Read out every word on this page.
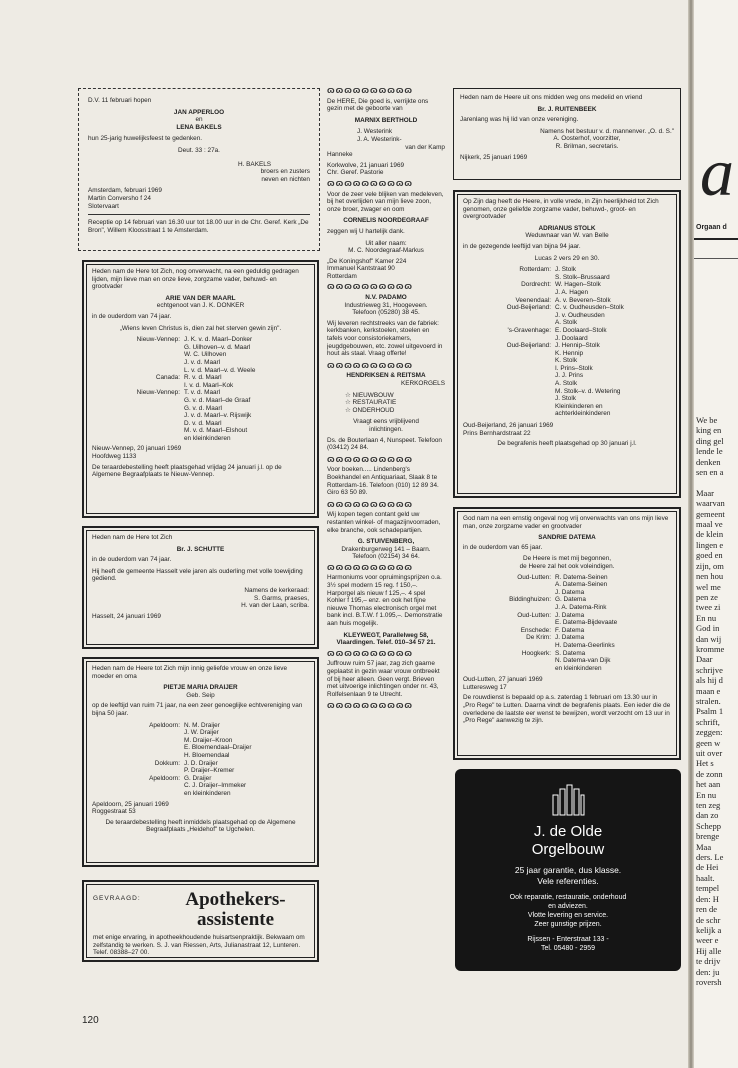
D.V. 11 februari hopen

JAN APPERLOO
en
LENA BAKELS

hun 25-jarig huwelijksfeest te gedenken.

Deut. 33 : 27a.

H. BAKELS
broers en zusters
neven en nichten
Amsterdam, februari 1969
Martin Conversho f 24
Slotervaart
Receptie op 14 februari van 16.30 uur tot 18.00 uur in de Chr. Geref. Kerk „De Bron", Willem Kloosstraat 1 te Amsterdam.

Heden nam de Here tot Zich, nog onverwacht, na een geduldig gedragen lijden, mijn lieve man en onze lieve, zorgzame vader, behuwd- en grootvader

ARIE VAN DER MAARL
echtgenoot van J. K. DONKER

in de ouderdom van 74 jaar.

„Wiens leven Christus is, dien zal het sterven gewin zijn".

Nieuw-Vennep: J. K. v. d. Maarl–Donker
G. Uilhoven–v. d. Maarl
W. C. Uilhoven
J. v. d. Maarl
L. v. d. Maarl–v. d. Weele
Canada: R. v. d. Maarl
I. v. d. Maarl–Kok
Nieuw-Vennep: T. v. d. Maarl
G. v. d. Maarl–de Graaf
G. v. d. Maarl
J. v. d. Maarl–v. Rijswijk
D. v. d. Maarl
M. v. d. Maarl–Elshout
en kleinkinderen
Nieuw-Vennep, 20 januari 1969
Hoofdweg 1133
De teraardebestelling heeft plaatsgehad vrijdag 24 januari j.l. op de Algemene Begraafplaats te Nieuw-Vennep.

Heden nam de Here tot Zich

Br. J. SCHUTTE

in de ouderdom van 74 jaar.

Hij heeft de gemeente Hasselt vele jaren als ouderling met volle toewijding gediend.

Namens de kerkeraad:
S. Garms, praeses,
H. van der Laan, scriba.
Hasselt, 24 januari 1969

Heden nam de Heere tot Zich mijn innig geliefde vrouw en onze lieve moeder en oma

PIETJE MARIA DRAIJER
Geb. Seip

op de leeftijd van ruim 71 jaar, na een zeer genoeglijke echtvereniging van bijna 50 jaar.

Apeldoorn: N. M. Draijer
J. W. Draijer
M. Draijer–Kroon
E. Bloemendaal–Draijer
H. Bloemendaal
Dokkum: J. D. Draijer
P. Draijer–Kremer
Apeldoorn: G. Draijer
C. J. Draijer–Immeker
en kleinkinderen
Apeldoorn, 25 januari 1969
Roggestraat 53
De teraardebestelling heeft inmiddels plaatsgehad op de Algemene Begraafplaats „Heidehof" te Ugchelen.
GEVRAAGD:	Apothekers-
assistente
met enige ervaring, in apotheekhoudende huisartsenpraktijk. Bekwaam om zelfstandig te werken. S. J. van Riessen, Arts, Julianastraat 12, Lunteren. Telef. 08388–27 00.
ɷɷɷɷɷɷɷɷɷɷ

De HERE, Die goed is, verrijkte ons gezin met de geboorte van

MARNIX BERTHOLD
J. Westerink
J. A. Westerink-
van der Kamp
Hanneke
Korkwolve, 21 januari 1969
Chr. Geref. Pastorie
ɷɷɷɷɷɷɷɷɷɷ

Voor de zeer vele blijken van medeleven, bij het overlijden van mijn lieve zoon, onze broer, zwager en oom

CORNELIS NOORDEGRAAF

zeggen wij U hartelijk dank.

Uit aller naam:
M. C. Noordegraaf-Markus
„De Koningshof" Kamer 224
Immanuel Kantstraat 90
Rotterdam
ɷɷɷɷɷɷɷɷɷɷ
N.V. PADAMO
Industrieweg 31, Hoogeveen.
Telefoon (05280) 38 45.

Wij leveren rechtstreeks van de fabriek: kerkbanken, kerkstoelen, stoelen en tafels voor consistoriekamers, jeugdgebouwen, etc. zowel uitgevoerd in hout als staal. Vraag offerte!

ɷɷɷɷɷɷɷɷɷɷ
HENDRIKSEN & REITSMA
KERKORGELS
☆ NIEUWBOUW
☆ RESTAURATIE
☆ ONDERHOUD
Vraagt eens vrijblijvend
inlichtingen.

Ds. de Bouterlaan 4, Nunspeet. Telefoon (03412) 24 84.

ɷɷɷɷɷɷɷɷɷɷ

Voor boeken..... Lindenberg's Boekhandel en Antiquariaat, Slaak 8 te Rotterdam-16. Telefoon (010) 12 89 34. Giro 63 50 89.

ɷɷɷɷɷɷɷɷɷɷ

Wij kopen tegen contant geld uw restanten winkel- of magazijnvoorraden, elke branche, ook schadepartijen.

G. STUIVENBERG,
Drakenburgerweg 141 – Baarn.
Telefoon (02154) 34 64.
ɷɷɷɷɷɷɷɷɷɷ

Harmoniums voor opruimingsprijzen o.a. 3½ spel modern 15 reg. f 150,–. Harporgel als nieuw f 125,–. 4 spel Kohler f 195,– enz. en ook het fijne nieuwe Thomas electronisch orgel met bank incl. B.T.W. f 1.095,–. Demonstratie aan huis mogelijk.

KLEYWEGT, Parallelweg 58,
Vlaardingen. Telef. 010–34 57 21.
ɷɷɷɷɷɷɷɷɷɷ

Juffrouw ruim 57 jaar, zag zich gaarne geplaatst in gezin waar vrouw ontbreekt of bij heer alleen. Geen vergt. Brieven met uitvoerige inlichtingen onder nr. 43, Rolfelsenlaan 9 te Utrecht.

ɷɷɷɷɷɷɷɷɷɷ

Heden nam de Heere uit ons midden weg ons medelid en vriend

Br. J. RUITENBEEK

Jarenlang was hij lid van onze vereniging.

Namens het bestuur v. d. mannenver. „O. d. S."
A. Oosterhof, voorzitter,
R. Brilman, secretaris.
Nijkerk, 25 januari 1969

Op Zijn dag heeft de Heere, in volle vrede, in Zijn heerlijkheid tot Zich genomen, onze geliefde zorgzame vader, behuwd-, groot- en overgrootvader

ADRIANUS STOLK
Weduwnaar van W. van Belle

in de gezegende leeftijd van bijna 94 jaar.

Lucas 2 vers 29 en 30.

Rotterdam: J. Stolk
S. Stolk–Brussaard
Dordrecht: W. Hagen–Stolk
J. A. Hagen
Veenendaal: A. v. Beveren–Stolk
Oud-Beijerland: C. v. Oudheusden–Stolk
J. v. Oudheusden
A. Stolk
's-Gravenhage: E. Doolaard–Stolk
J. Doolaard
Oud-Beijerland: J. Hennip–Stolk
K. Hennip
K. Stolk
I. Prins–Stolk
J. J. Prins
A. Stolk
M. Stolk–v. d. Wetering
J. Stolk
Kleinkinderen en
achterkleinkinderen
Oud-Beijerland, 26 januari 1969
Prins Bernhardstraat 22
De begrafenis heeft plaatsgehad op 30 januari j.l.

God nam na een ernstig ongeval nog vrij onverwachts van ons mijn lieve man, onze zorgzame vader en grootvader

SANDRIE DATEMA

in de ouderdom van 65 jaar.

De Heere is met mij begonnen,
de Heere zal het ook voleindigen.
Oud-Lutten: R. Datema-Seinen
A. Datema-Seinen
J. Datema
Biddinghuizen: G. Datema
J. A. Datema-Rink
Oud-Lutten: J. Datema
E. Datema-Bijdevaate
Enschede: F. Datema
De Krim: J. Datema
H. Datema-Geerlinks
Hoogkerk: S. Datema
N. Datema-van Dijk
en kleinkinderen
Oud-Lutten, 27 januari 1969
Lutteresweg 17
De rouwdienst is bepaald op a.s. zaterdag 1 februari om 13.30 uur in „Pro Rege" te Lutten. Daarna vindt de begrafenis plaats. Een ieder die de overledene de laatste eer wenst te bewijzen, wordt verzocht om 13 uur in „Pro Rege" aanwezig te zijn.
J. de Olde
Orgelbouw
25 jaar garantie, dus klasse.
Vele referenties.
Ook reparatie, restauratie, onderhoud
en adviezen.
Vlotte levering en service.
Zeer gunstige prijzen.
Rijssen - Enterstraat 133 -
Tel. 05480 - 2959
120
a
Orgaan d
We be
king en
ding gel
lende le
denken
sen en a

Maar
waarvan
gemeent
maal ve
de klein
lingen e
goed en
zijn, om
nen hou
wel me
pen ze
twee zi
En nu
God in
dan wij
kromme
Daar
schrijve
als hij d
maan e
stralen.
Psalm 1
schrift,
zeggen:
geen w
uit over
Het s
de zonn
het aan
En nu
ten zeg
dan zo
Schepp
brenge
Maa
ders. Le
de Hei
haalt.
tempel
den: H
ren de
de schr
kelijk a
weer e
Hij alle
te drijv
den: ju
roversh
